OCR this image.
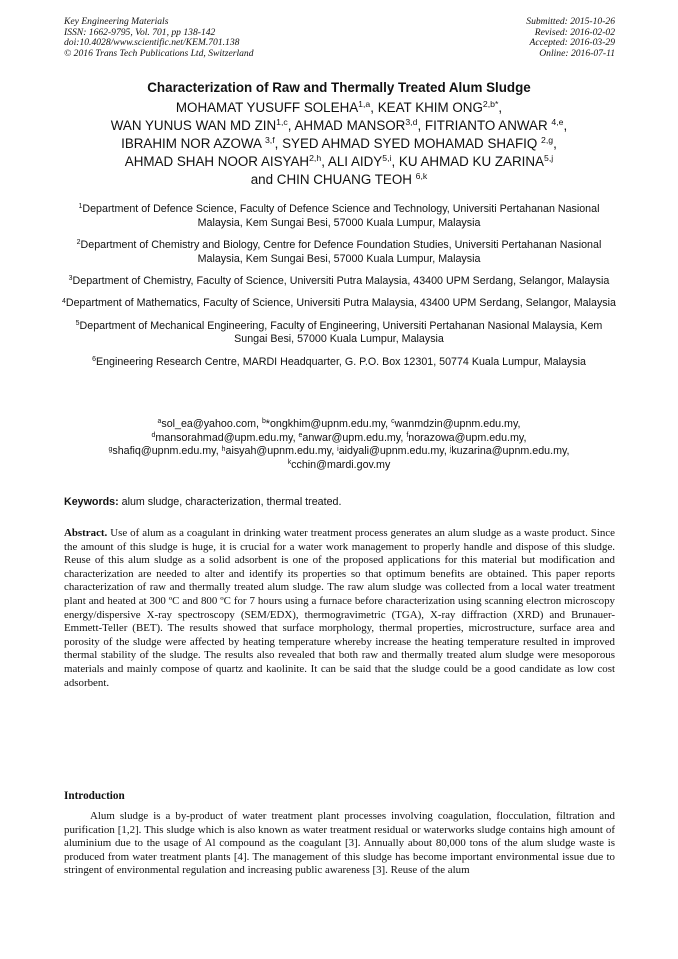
Key Engineering Materials
ISSN: 1662-9795, Vol. 701, pp 138-142
doi:10.4028/www.scientific.net/KEM.701.138
© 2016 Trans Tech Publications Ltd, Switzerland
Submitted: 2015-10-26
Revised: 2016-02-02
Accepted: 2016-03-29
Online: 2016-07-11
Characterization of Raw and Thermally Treated Alum Sludge
MOHAMAT YUSUFF SOLEHA$^{1,a}$, KEAT KHIM $ONG^{2,b*}$,
WAN YUNUS WAN MD ZIN$^{1,c}$, AHMAD MANSOR$^{3,d}$, FITRIANTO ANWAR $^{4,e}$,
IBRAHIM NOR AZOWA $^{3,f}$, SYED AHMAD SYED MOHAMAD SHAFIQ $^{2,g}$,
AHMAD SHAH NOOR AISYAH$^{2,h}$, ALI AIDY$^{5,i}$, KU AHMAD KU ZARINA$^{5,j}$
and CHIN CHUANG TEOH $^{6,k}$
$^1$Department of Defence Science, Faculty of Defence Science and Technology, Universiti Pertahanan Nasional Malaysia, Kem Sungai Besi, 57000 Kuala Lumpur, Malaysia
$^2$Department of Chemistry and Biology, Centre for Defence Foundation Studies, Universiti Pertahanan Nasional Malaysia, Kem Sungai Besi, 57000 Kuala Lumpur, Malaysia
$^3$Department of Chemistry, Faculty of Science, Universiti Putra Malaysia, 43400 UPM Serdang, Selangor, Malaysia
$^4$Department of Mathematics, Faculty of Science, Universiti Putra Malaysia, 43400 UPM Serdang, Selangor, Malaysia
$^5$Department of Mechanical Engineering, Faculty of Engineering, Universiti Pertahanan Nasional Malaysia, Kem Sungai Besi, 57000 Kuala Lumpur, Malaysia
$^6$Engineering Research Centre, MARDI Headquarter, G. P.O. Box 12301, 50774 Kuala Lumpur, Malaysia
$^a$sol_ea@yahoo.com, $^b$*ongkhim@upnm.edu.my, $^c$wanmdzin@upnm.edu.my,
$^d$mansorahmad@upm.edu.my, $^e$anwar@upm.edu.my, $^f$norazowa@upm.edu.my,
$^g$shafiq@upnm.edu.my, $^h$aisyah@upnm.edu.my, $^i$aidyali@upnm.edu.my, $^j$kuzarina@upnm.edu.my,
$^k$cchin@mardi.gov.my
Keywords: alum sludge, characterization, thermal treated.
Abstract. Use of alum as a coagulant in drinking water treatment process generates an alum sludge as a waste product. Since the amount of this sludge is huge, it is crucial for a water work management to properly handle and dispose of this sludge. Reuse of this alum sludge as a solid adsorbent is one of the proposed applications for this material but modification and characterization are needed to alter and identify its properties so that optimum benefits are obtained. This paper reports characterization of raw and thermally treated alum sludge. The raw alum sludge was collected from a local water treatment plant and heated at 300 ºC and 800 ºC for 7 hours using a furnace before characterization using scanning electron microscopy energy/dispersive X-ray spectroscopy (SEM/EDX), thermogravimetric (TGA), X-ray diffraction (XRD) and Brunauer-Emmett-Teller (BET). The results showed that surface morphology, thermal properties, microstructure, surface area and porosity of the sludge were affected by heating temperature whereby increase the heating temperature resulted in improved thermal stability of the sludge. The results also revealed that both raw and thermally treated alum sludge were mesoporous materials and mainly compose of quartz and kaolinite. It can be said that the sludge could be a good candidate as low cost adsorbent.
Introduction
Alum sludge is a by-product of water treatment plant processes involving coagulation, flocculation, filtration and purification [1,2]. This sludge which is also known as water treatment residual or waterworks sludge contains high amount of aluminium due to the usage of Al compound as the coagulant [3]. Annually about 80,000 tons of the alum sludge waste is produced from water treatment plants [4]. The management of this sludge has become important environmental issue due to stringent of environmental regulation and increasing public awareness [3]. Reuse of the alum
